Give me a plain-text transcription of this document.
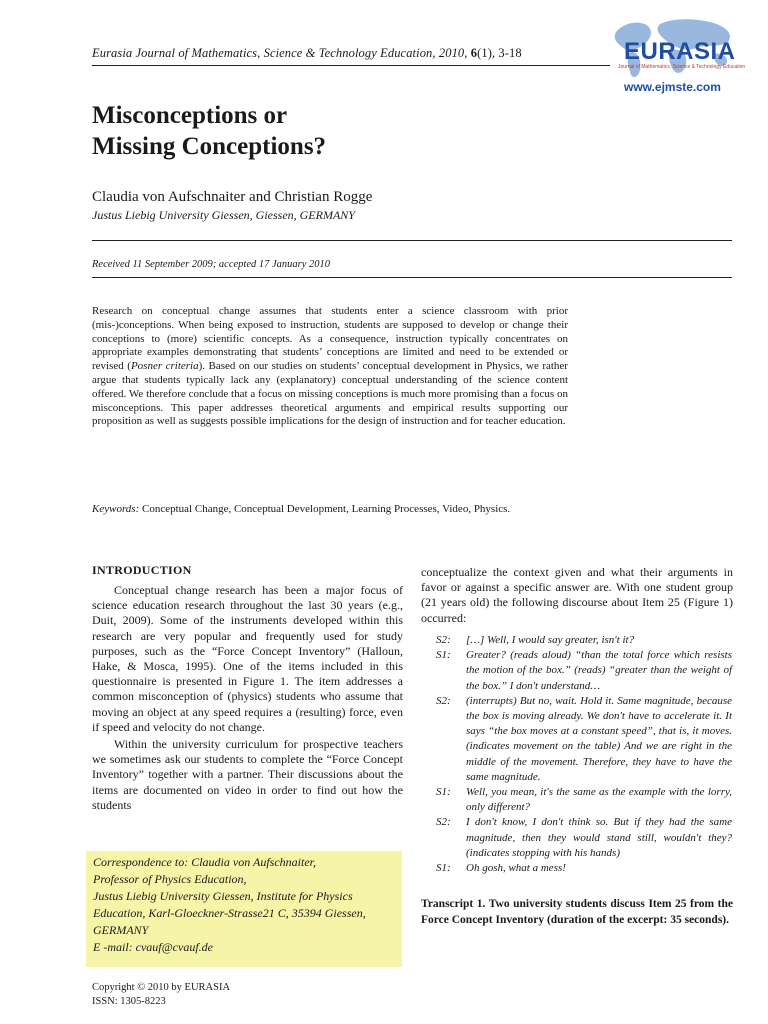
Eurasia Journal of Mathematics, Science & Technology Education, 2010, 6(1), 3-18	EURASIA
Journal of Mathematics, Science & Technology Education
www.ejmste.com
Misconceptions or
Missing Conceptions?
Claudia von Aufschnaiter and Christian Rogge
Justus Liebig University Giessen, Giessen, GERMANY
Received 11 September 2009; accepted 17 January 2010
Research on conceptual change assumes that students enter a science classroom with prior (mis-)conceptions. When being exposed to instruction, students are supposed to develop or change their conceptions to (more) scientific concepts. As a consequence, instruction typically concentrates on appropriate examples demonstrating that students’ conceptions are limited and need to be extended or revised (Posner criteria). Based on our studies on students’ conceptual development in Physics, we rather argue that students typically lack any (explanatory) conceptual understanding of the science content offered. We therefore conclude that a focus on missing conceptions is much more promising than a focus on misconceptions. This paper addresses theoretical arguments and empirical results supporting our proposition as well as suggests possible implications for the design of instruction and for teacher education.
Keywords: Conceptual Change, Conceptual Development, Learning Processes, Video, Physics.
INTRODUCTION

Conceptual change research has been a major focus of science education research throughout the last 30 years (e.g., Duit, 2009). Some of the instruments developed within this research are very popular and frequently used for study purposes, such as the “Force Concept Inventory” (Halloun, Hake, & Mosca, 1995). One of the items included in this questionnaire is presented in Figure 1. The item addresses a common misconception of (physics) students who assume that moving an object at any speed requires a (resulting) force, even if speed and velocity do not change.

Within the university curriculum for prospective teachers we sometimes ask our students to complete the “Force Concept Inventory” together with a partner. Their discussions about the items are documented on video in order to find out how the students

Correspondence to: Claudia von Aufschnaiter,
Professor of Physics Education,
Justus Liebig University Giessen, Institute for Physics
Education, Karl-Gloeckner-Strasse21 C, 35394 Giessen,
GERMANY
E -mail: cvauf@cvauf.de
Copyright © 2010 by EURASIA
ISSN: 1305-8223

conceptualize the context given and what their arguments in favor or against a specific answer are. With one student group (21 years old) the following discourse about Item 25 (Figure 1) occurred:

S2:	[…] Well, I would say greater, isn't it?
S1:	Greater? (reads aloud) “than the total force which resists the motion of the box.” (reads) “greater than the weight of the box.” I don't understand…
S2:	(interrupts) But no, wait. Hold it. Same magnitude, because the box is moving already. We don't have to accelerate it. It says “the box moves at a constant speed”, that is, it moves. (indicates movement on the table) And we are right in the middle of the movement. Therefore, they have to have the same magnitude.
S1:	Well, you mean, it's the same as the example with the lorry, only different?
S2:	I don't know, I don't think so. But if they had the same magnitude, then they would stand still, wouldn't they? (indicates stopping with his hands)
S1:	Oh gosh, what a mess!
Transcript 1. Two university students discuss Item 25 from the Force Concept Inventory (duration of the excerpt: 35 seconds).
